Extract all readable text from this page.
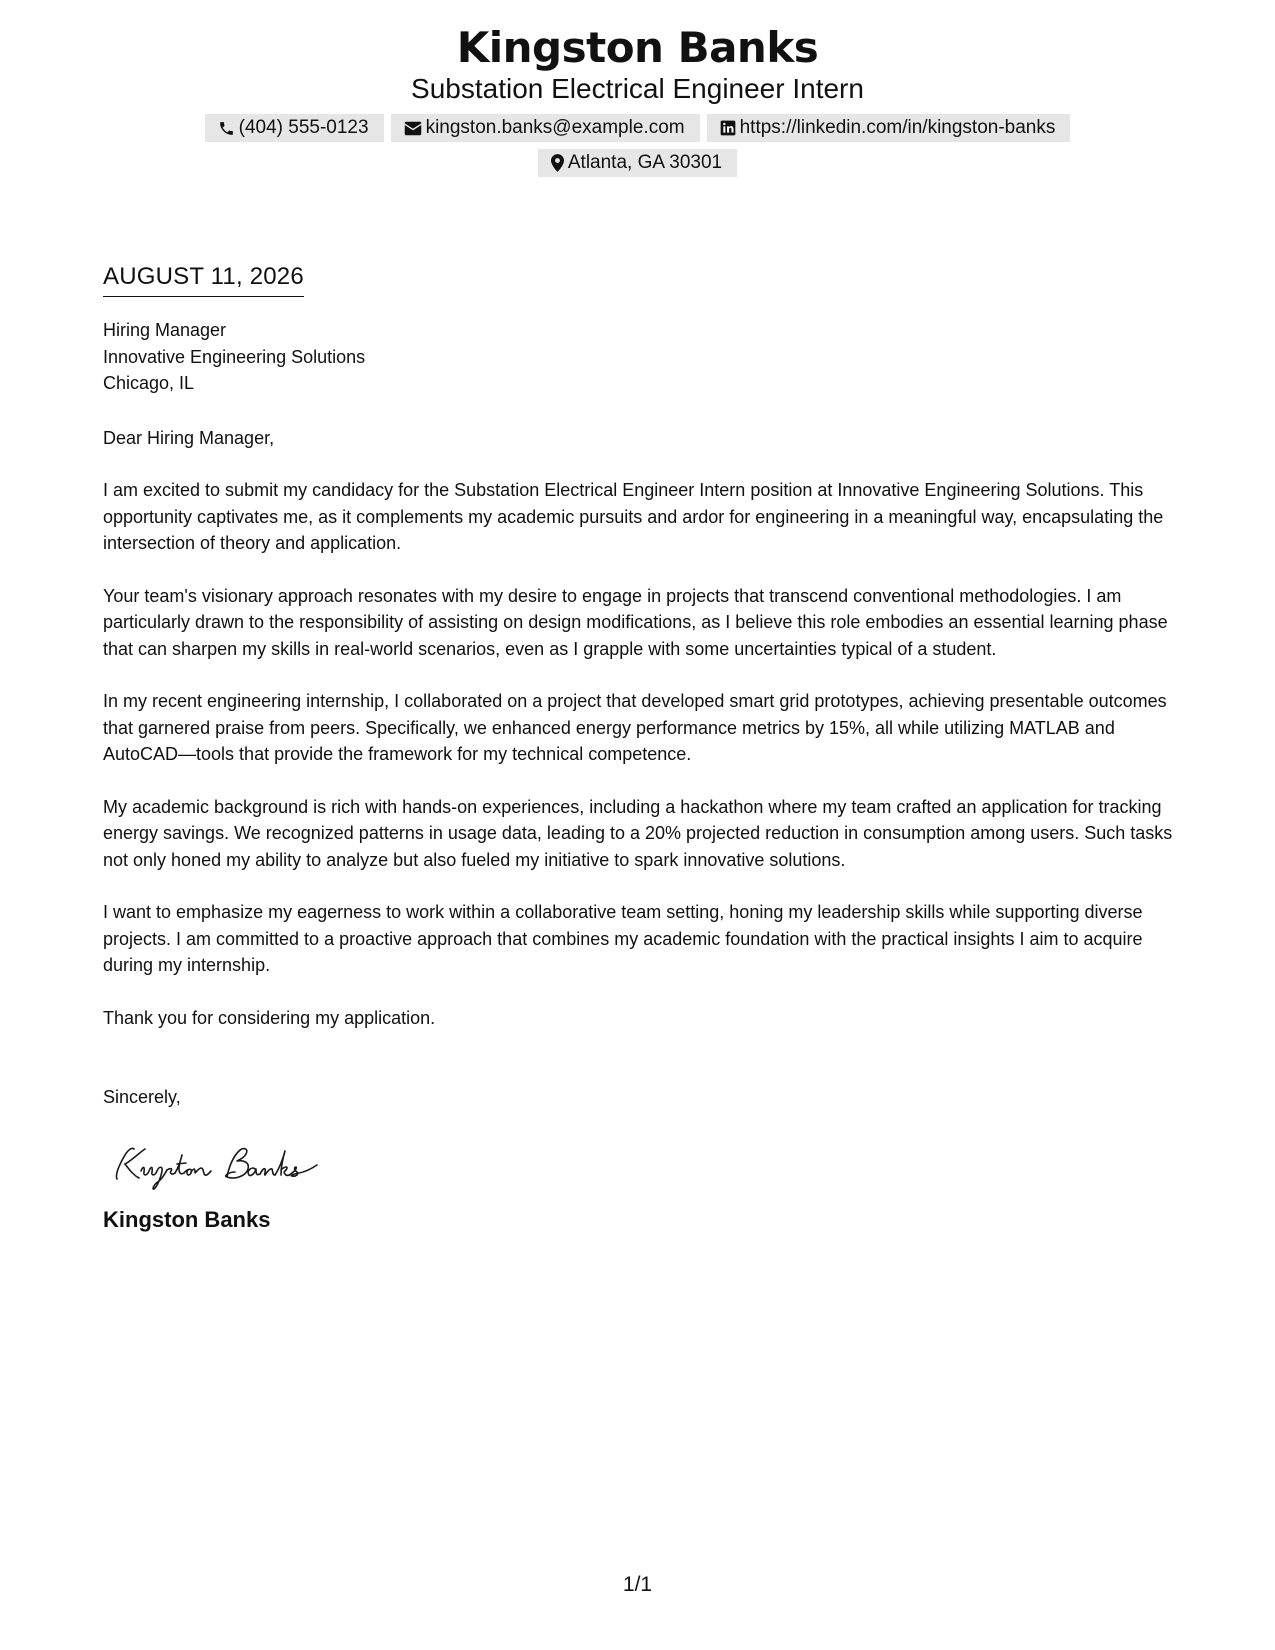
Kingston Banks
Substation Electrical Engineer Intern
(404) 555-0123	kingston.banks@example.com	https://linkedin.com/in/kingston-banks
Atlanta, GA 30301
AUGUST 11, 2026
Hiring Manager
Innovative Engineering Solutions
Chicago, IL
Dear Hiring Manager,
I am excited to submit my candidacy for the Substation Electrical Engineer Intern position at Innovative Engineering Solutions. This opportunity captivates me, as it complements my academic pursuits and ardor for engineering in a meaningful way, encapsulating the intersection of theory and application.
Your team's visionary approach resonates with my desire to engage in projects that transcend conventional methodologies. I am particularly drawn to the responsibility of assisting on design modifications, as I believe this role embodies an essential learning phase that can sharpen my skills in real-world scenarios, even as I grapple with some uncertainties typical of a student.
In my recent engineering internship, I collaborated on a project that developed smart grid prototypes, achieving presentable outcomes that garnered praise from peers. Specifically, we enhanced energy performance metrics by 15%, all while utilizing MATLAB and AutoCAD—tools that provide the framework for my technical competence.
My academic background is rich with hands-on experiences, including a hackathon where my team crafted an application for tracking energy savings. We recognized patterns in usage data, leading to a 20% projected reduction in consumption among users. Such tasks not only honed my ability to analyze but also fueled my initiative to spark innovative solutions.
I want to emphasize my eagerness to work within a collaborative team setting, honing my leadership skills while supporting diverse projects. I am committed to a proactive approach that combines my academic foundation with the practical insights I aim to acquire during my internship.
Thank you for considering my application.
Sincerely,
Kingston Banks
1/1
